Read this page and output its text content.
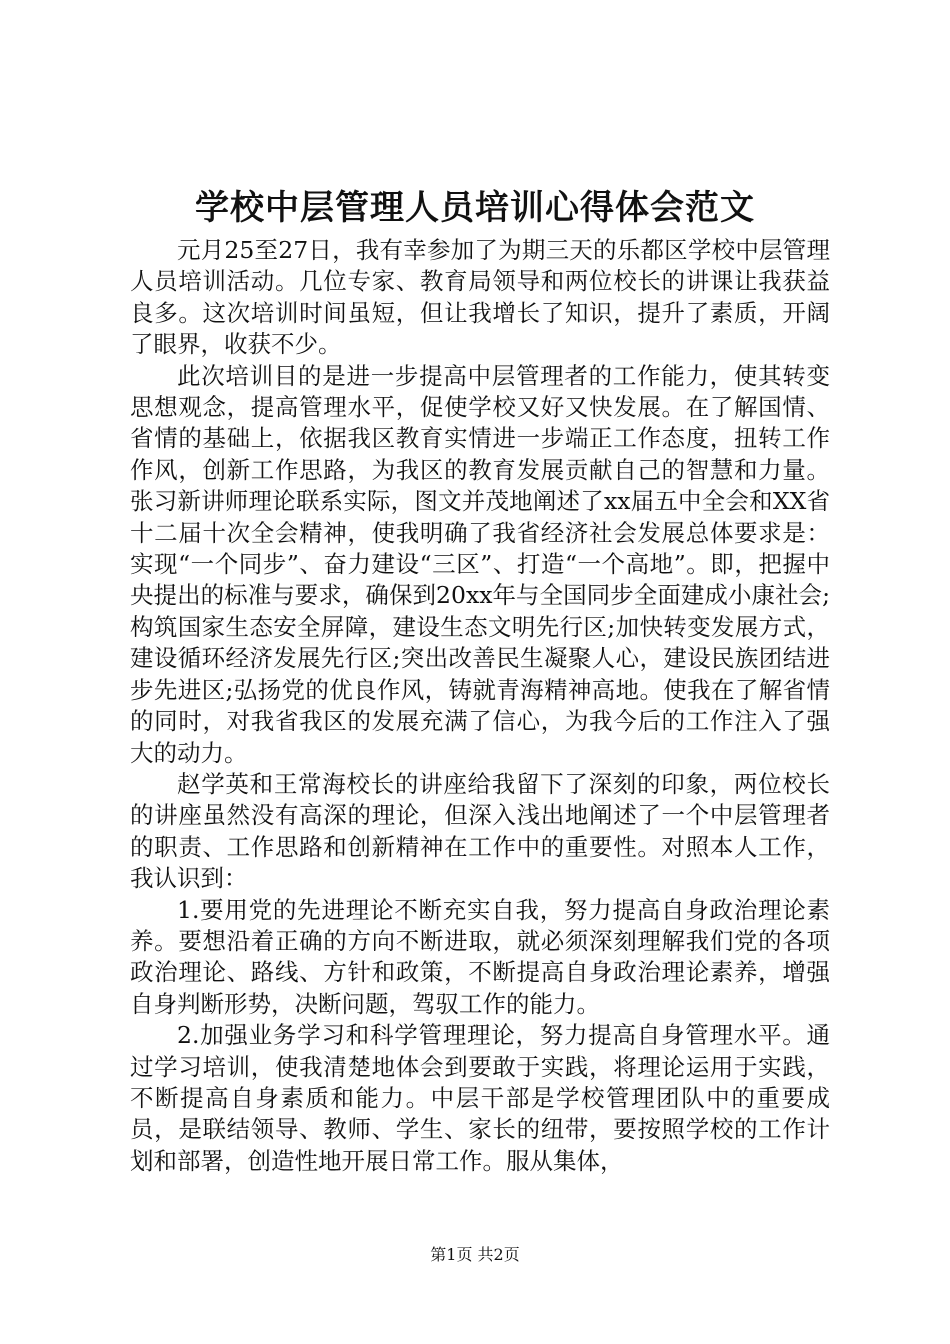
学校中层管理人员培训心得体会范文

元月25至27日，我有幸参加了为期三天的乐都区学校中层管理人员培训活动。几位专家、教育局领导和两位校长的讲课让我获益良多。这次培训时间虽短，但让我增长了知识，提升了素质，开阔了眼界，收获不少。

此次培训目的是进一步提高中层管理者的工作能力，使其转变思想观念，提高管理水平，促使学校又好又快发展。在了解国情、省情的基础上，依据我区教育实情进一步端正工作态度，扭转工作作风，创新工作思路，为我区的教育发展贡献自己的智慧和力量。张习新讲师理论联系实际，图文并茂地阐述了xx届五中全会和XX省十二届十次全会精神，使我明确了我省经济社会发展总体要求是：实现“一个同步”、奋力建设“三区”、打造“一个高地”。即，把握中央提出的标准与要求，确保到20xx年与全国同步全面建成小康社会;构筑国家生态安全屏障，建设生态文明先行区;加快转变发展方式，建设循环经济发展先行区;突出改善民生凝聚人心，建设民族团结进步先进区;弘扬党的优良作风，铸就青海精神高地。使我在了解省情的同时，对我省我区的发展充满了信心，为我今后的工作注入了强大的动力。

赵学英和王常海校长的讲座给我留下了深刻的印象，两位校长的讲座虽然没有高深的理论，但深入浅出地阐述了一个中层管理者的职责、工作思路和创新精神在工作中的重要性。对照本人工作，我认识到：

1.要用党的先进理论不断充实自我，努力提高自身政治理论素养。要想沿着正确的方向不断进取，就必须深刻理解我们党的各项政治理论、路线、方针和政策，不断提高自身政治理论素养，增强自身判断形势，决断问题，驾驭工作的能力。

2.加强业务学习和科学管理理论，努力提高自身管理水平。通过学习培训，使我清楚地体会到要敢于实践，将理论运用于实践，不断提高自身素质和能力。中层干部是学校管理团队中的重要成员，是联结领导、教师、学生、家长的纽带，要按照学校的工作计划和部署，创造性地开展日常工作。服从集体，

第1页 共2页
